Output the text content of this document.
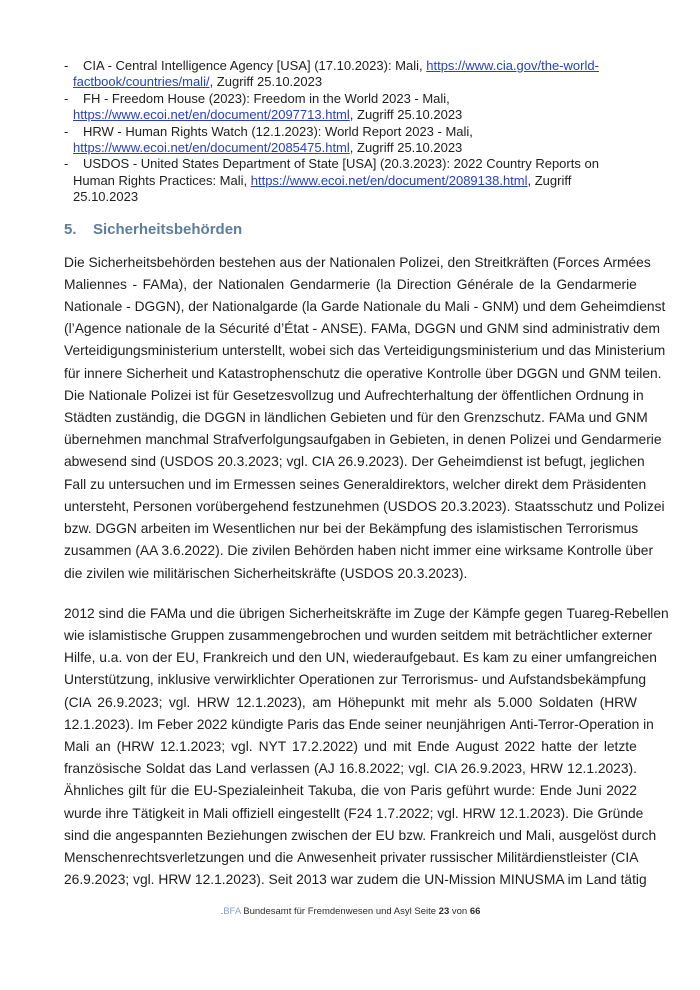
- CIA - Central Intelligence Agency [USA] (17.10.2023): Mali, https://www.cia.gov/the-world-
factbook/countries/mali/, Zugriff 25.10.2023
- FH - Freedom House (2023): Freedom in the World 2023 - Mali,
https://www.ecoi.net/en/document/2097713.html, Zugriff 25.10.2023
- HRW - Human Rights Watch (12.1.2023): World Report 2023 - Mali,
https://www.ecoi.net/en/document/2085475.html, Zugriff 25.10.2023
- USDOS - United States Department of State [USA] (20.3.2023): 2022 Country Reports on
Human Rights Practices: Mali, https://www.ecoi.net/en/document/2089138.html, Zugriff
25.10.2023
5. Sicherheitsbehörden
Die Sicherheitsbehörden bestehen aus der Nationalen Polizei, den Streitkräften (Forces Armées
Maliennes - FAMa), der Nationalen Gendarmerie (la Direction Générale de la Gendarmerie
Nationale - DGGN), der Nationalgarde (la Garde Nationale du Mali - GNM) und dem Geheimdienst
(l’Agence nationale de la Sécurité d’État - ANSE). FAMa, DGGN und GNM sind administrativ dem
Verteidigungsministerium unterstellt, wobei sich das Verteidigungsministerium und das Ministerium
für innere Sicherheit und Katastrophenschutz die operative Kontrolle über DGGN und GNM teilen.
Die Nationale Polizei ist für Gesetzesvollzug und Aufrechterhaltung der öffentlichen Ordnung in
Städten zuständig, die DGGN in ländlichen Gebieten und für den Grenzschutz. FAMa und GNM
übernehmen manchmal Strafverfolgungsaufgaben in Gebieten, in denen Polizei und Gendarmerie
abwesend sind (USDOS 20.3.2023; vgl. CIA 26.9.2023). Der Geheimdienst ist befugt, jeglichen
Fall zu untersuchen und im Ermessen seines Generaldirektors, welcher direkt dem Präsidenten
untersteht, Personen vorübergehend festzunehmen (USDOS 20.3.2023). Staatsschutz und Polizei
bzw. DGGN arbeiten im Wesentlichen nur bei der Bekämpfung des islamistischen Terrorismus
zusammen (AA 3.6.2022). Die zivilen Behörden haben nicht immer eine wirksame Kontrolle über
die zivilen wie militärischen Sicherheitskräfte (USDOS 20.3.2023).
2012 sind die FAMa und die übrigen Sicherheitskräfte im Zuge der Kämpfe gegen Tuareg-Rebellen
wie islamistische Gruppen zusammengebrochen und wurden seitdem mit beträchtlicher externer
Hilfe, u.a. von der EU, Frankreich und den UN, wiederaufgebaut. Es kam zu einer umfangreichen
Unterstützung, inklusive verwirklichter Operationen zur Terrorismus- und Aufstandsbekämpfung
(CIA 26.9.2023; vgl. HRW 12.1.2023), am Höhepunkt mit mehr als 5.000 Soldaten (HRW
12.1.2023). Im Feber 2022 kündigte Paris das Ende seiner neunjährigen Anti-Terror-Operation in
Mali an (HRW 12.1.2023; vgl. NYT 17.2.2022) und mit Ende August 2022 hatte der letzte
französische Soldat das Land verlassen (AJ 16.8.2022; vgl. CIA 26.9.2023, HRW 12.1.2023).
Ähnliches gilt für die EU-Spezialeinheit Takuba, die von Paris geführt wurde: Ende Juni 2022
wurde ihre Tätigkeit in Mali offiziell eingestellt (F24 1.7.2022; vgl. HRW 12.1.2023). Die Gründe
sind die angespannten Beziehungen zwischen der EU bzw. Frankreich und Mali, ausgelöst durch
Menschenrechtsverletzungen und die Anwesenheit privater russischer Militärdienstleister (CIA
26.9.2023; vgl. HRW 12.1.2023). Seit 2013 war zudem die UN-Mission MINUSMA im Land tätig
.BFA Bundesamt für Fremdenwesen und Asyl Seite 23 von 66
